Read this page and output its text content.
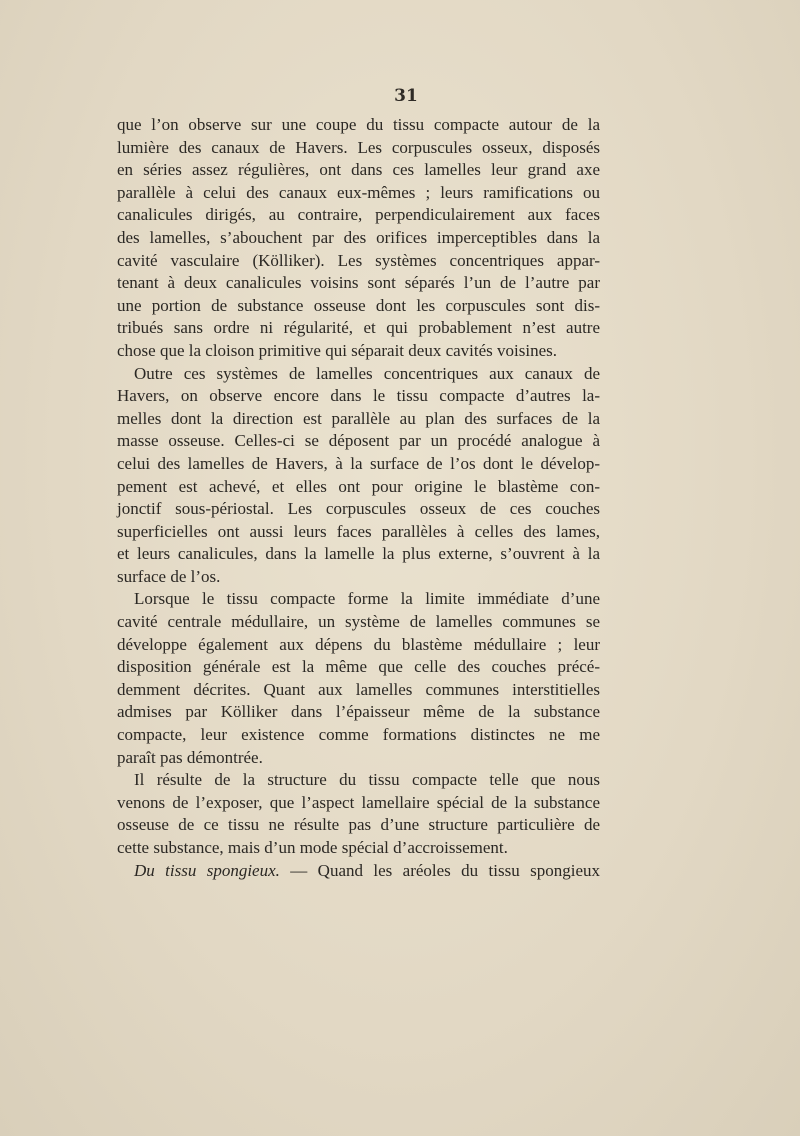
31
que l’on observe sur une coupe du tissu compacte autour de la
lumière des canaux de Havers. Les corpuscules osseux, disposés
en séries assez régulières, ont dans ces lamelles leur grand axe
parallèle à celui des canaux eux-mêmes ; leurs ramifications ou
canalicules dirigés, au contraire, perpendiculairement aux faces
des lamelles, s’abouchent par des orifices imperceptibles dans la
cavité vasculaire (Kölliker). Les systèmes concentriques appar-
tenant à deux canalicules voisins sont séparés l’un de l’autre par
une portion de substance osseuse dont les corpuscules sont dis-
tribués sans ordre ni régularité, et qui probablement n’est autre
chose que la cloison primitive qui séparait deux cavités voisines.
Outre ces systèmes de lamelles concentriques aux canaux de
Havers, on observe encore dans le tissu compacte d’autres la-
melles dont la direction est parallèle au plan des surfaces de la
masse osseuse. Celles-ci se déposent par un procédé analogue à
celui des lamelles de Havers, à la surface de l’os dont le dévelop-
pement est achevé, et elles ont pour origine le blastème con-
jonctif sous-périostal. Les corpuscules osseux de ces couches
superficielles ont aussi leurs faces parallèles à celles des lames,
et leurs canalicules, dans la lamelle la plus externe, s’ouvrent à la
surface de l’os.
Lorsque le tissu compacte forme la limite immédiate d’une
cavité centrale médullaire, un système de lamelles communes se
développe également aux dépens du blastème médullaire ; leur
disposition générale est la même que celle des couches précé-
demment décrites. Quant aux lamelles communes interstitielles
admises par Kölliker dans l’épaisseur même de la substance
compacte, leur existence comme formations distinctes ne me
paraît pas démontrée.
Il résulte de la structure du tissu compacte telle que nous
venons de l’exposer, que l’aspect lamellaire spécial de la substance
osseuse de ce tissu ne résulte pas d’une structure particulière de
cette substance, mais d’un mode spécial d’accroissement.
Du tissu spongieux. — Quand les aréoles du tissu spongieux
